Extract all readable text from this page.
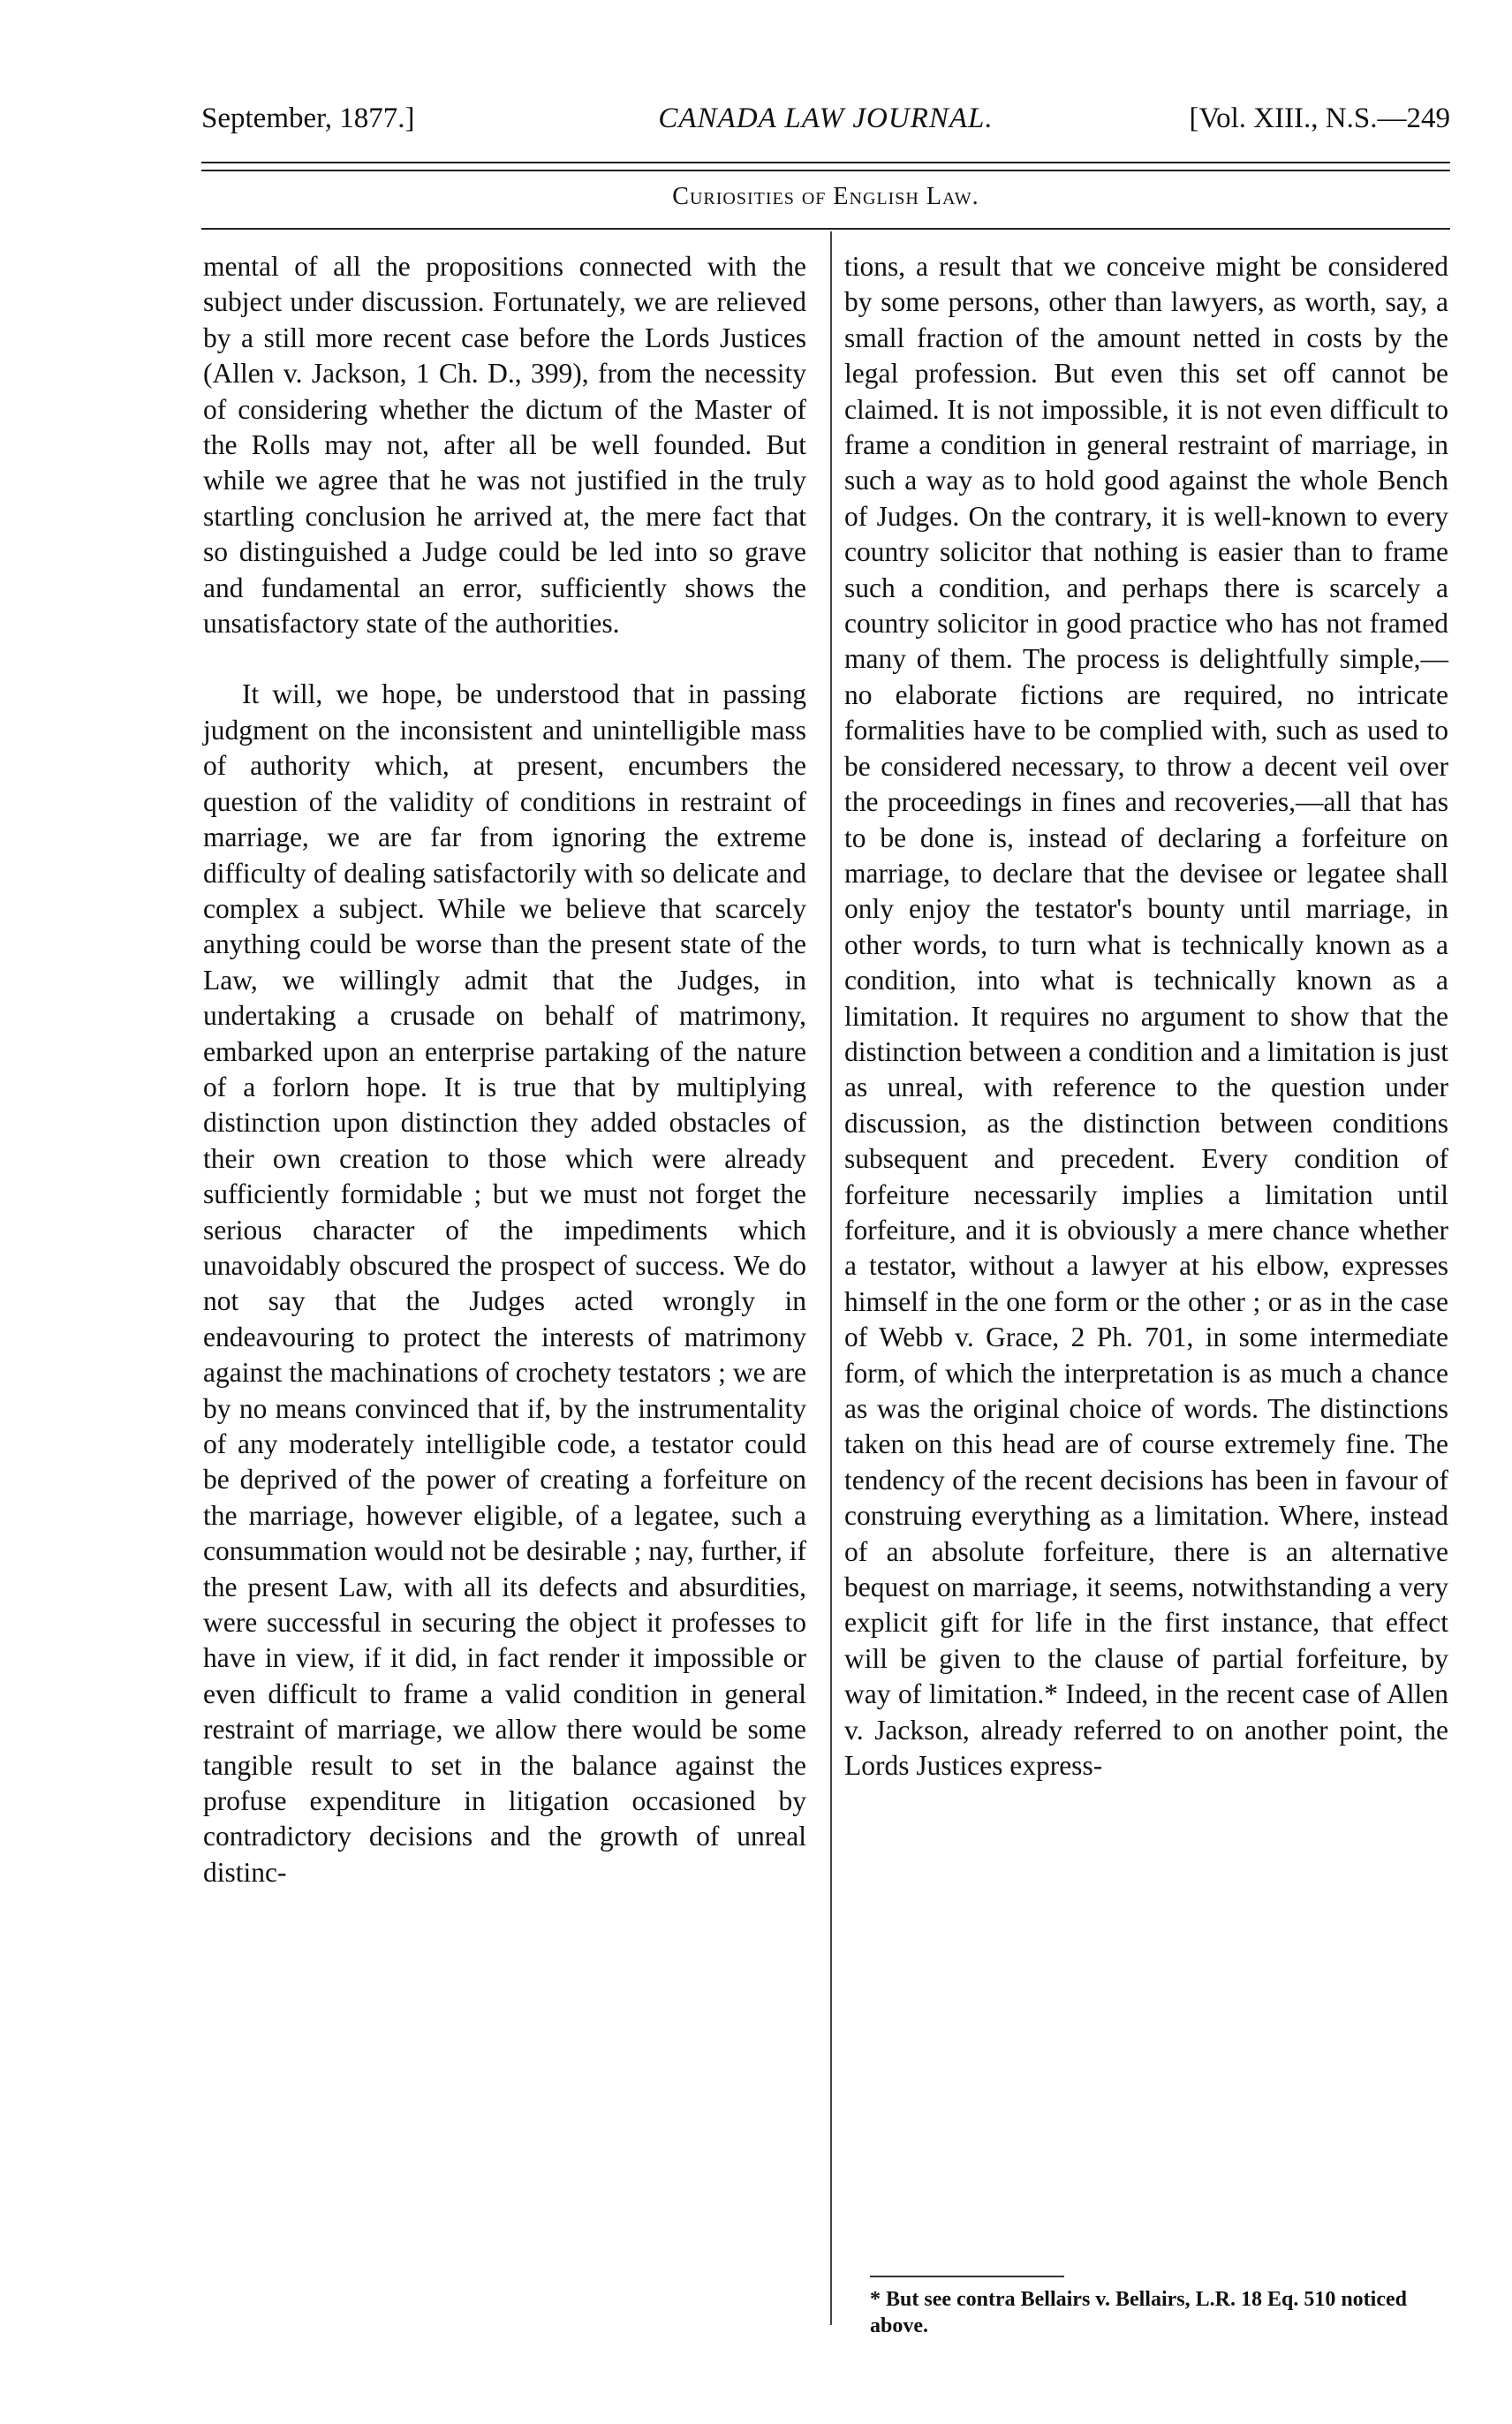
September, 1877.]	CANADA LAW JOURNAL.	[Vol. XIII., N.S.—249
Curiosities of English Law.

mental of all the propositions connected with the subject under discussion. Fortunately, we are relieved by a still more recent case before the Lords Justices (Allen v. Jackson, 1 Ch. D., 399), from the necessity of considering whether the dictum of the Master of the Rolls may not, after all be well founded. But while we agree that he was not justified in the truly startling conclusion he arrived at, the mere fact that so distinguished a Judge could be led into so grave and fundamental an error, sufficiently shows the unsatisfactory state of the authorities.

It will, we hope, be understood that in passing judgment on the inconsistent and unintelligible mass of authority which, at present, encumbers the question of the validity of conditions in restraint of marriage, we are far from ignoring the extreme difficulty of dealing satisfactorily with so delicate and complex a subject. While we believe that scarcely anything could be worse than the present state of the Law, we willingly admit that the Judges, in undertaking a crusade on behalf of matrimony, embarked upon an enterprise partaking of the nature of a forlorn hope. It is true that by multiplying distinction upon distinction they added obstacles of their own creation to those which were already sufficiently formidable ; but we must not forget the serious character of the impediments which unavoidably obscured the prospect of success. We do not say that the Judges acted wrongly in endeavouring to protect the interests of matrimony against the machinations of crochety testators ; we are by no means convinced that if, by the instrumentality of any moderately intelligible code, a testator could be deprived of the power of creating a forfeiture on the marriage, however eligible, of a legatee, such a consummation would not be desirable ; nay, further, if the present Law, with all its defects and absurdities, were successful in securing the object it professes to have in view, if it did, in fact render it impossible or even difficult to frame a valid condition in general restraint of marriage, we allow there would be some tangible result to set in the balance against the profuse expenditure in litigation occasioned by contradictory decisions and the growth of unreal distinc-

tions, a result that we conceive might be considered by some persons, other than lawyers, as worth, say, a small fraction of the amount netted in costs by the legal profession. But even this set off cannot be claimed. It is not impossible, it is not even difficult to frame a condition in general restraint of marriage, in such a way as to hold good against the whole Bench of Judges. On the contrary, it is well-known to every country solicitor that nothing is easier than to frame such a condition, and perhaps there is scarcely a country solicitor in good practice who has not framed many of them. The process is delightfully simple,—no elaborate fictions are required, no intricate formalities have to be complied with, such as used to be considered necessary, to throw a decent veil over the proceedings in fines and recoveries,—all that has to be done is, instead of declaring a forfeiture on marriage, to declare that the devisee or legatee shall only enjoy the testator's bounty until marriage, in other words, to turn what is technically known as a condition, into what is technically known as a limitation. It requires no argument to show that the distinction between a condition and a limitation is just as unreal, with reference to the question under discussion, as the distinction between conditions subsequent and precedent. Every condition of forfeiture necessarily implies a limitation until forfeiture, and it is obviously a mere chance whether a testator, without a lawyer at his elbow, expresses himself in the one form or the other ; or as in the case of Webb v. Grace, 2 Ph. 701, in some intermediate form, of which the interpretation is as much a chance as was the original choice of words. The distinctions taken on this head are of course extremely fine. The tendency of the recent decisions has been in favour of construing everything as a limitation. Where, instead of an absolute forfeiture, there is an alternative bequest on marriage, it seems, notwithstanding a very explicit gift for life in the first instance, that effect will be given to the clause of partial forfeiture, by way of limitation.* Indeed, in the recent case of Allen v. Jackson, already referred to on another point, the Lords Justices express-

* But see contra Bellairs v. Bellairs, L.R. 18 Eq. 510 noticed above.
